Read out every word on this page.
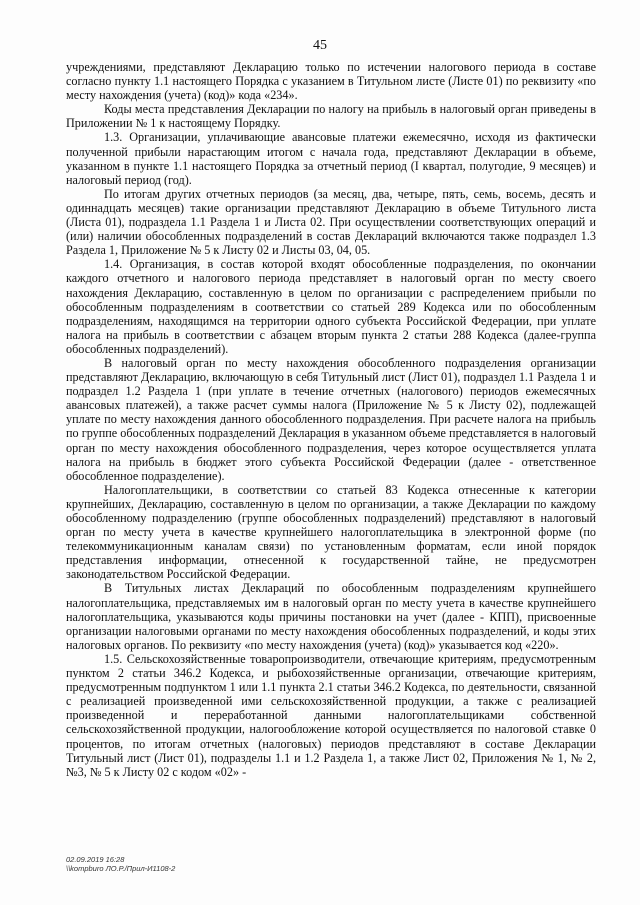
45

учреждениями, представляют Декларацию только по истечении налогового периода в составе согласно пункту 1.1 настоящего Порядка с указанием в Титульном листе (Листе 01) по реквизиту «по месту нахождения (учета) (код)» кода «234».

Коды места представления Декларации по налогу на прибыль в налоговый орган приведены в Приложении № 1 к настоящему Порядку.

1.3. Организации, уплачивающие авансовые платежи ежемесячно, исходя из фактически полученной прибыли нарастающим итогом с начала года, представляют Декларации в объеме, указанном в пункте 1.1 настоящего Порядка за отчетный период (I квартал, полугодие, 9 месяцев) и налоговый период (год).

По итогам других отчетных периодов (за месяц, два, четыре, пять, семь, восемь, десять и одиннадцать месяцев) такие организации представляют Декларацию в объеме Титульного листа (Листа 01), подраздела 1.1 Раздела 1 и Листа 02. При осуществлении соответствующих операций и (или) наличии обособленных подразделений в состав Деклараций включаются также подраздел 1.3 Раздела 1, Приложение № 5 к Листу 02 и Листы 03, 04, 05.

1.4. Организация, в состав которой входят обособленные подразделения, по окончании каждого отчетного и налогового периода представляет в налоговый орган по месту своего нахождения Декларацию, составленную в целом по организации с распределением прибыли по обособленным подразделениям в соответствии со статьей 289 Кодекса или по обособленным подразделениям, находящимся на территории одного субъекта Российской Федерации, при уплате налога на прибыль в соответствии с абзацем вторым пункта 2 статьи 288 Кодекса (далее-группа обособленных подразделений).

В налоговый орган по месту нахождения обособленного подразделения организации представляют Декларацию, включающую в себя Титульный лист (Лист 01), подраздел 1.1 Раздела 1 и подраздел 1.2 Раздела 1 (при уплате в течение отчетных (налогового) периодов ежемесячных авансовых платежей), а также расчет суммы налога (Приложение № 5 к Листу 02), подлежащей уплате по месту нахождения данного обособленного подразделения. При расчете налога на прибыль по группе обособленных подразделений Декларация в указанном объеме представляется в налоговый орган по месту нахождения обособленного подразделения, через которое осуществляется уплата налога на прибыль в бюджет этого субъекта Российской Федерации (далее - ответственное обособленное подразделение).

Налогоплательщики, в соответствии со статьей 83 Кодекса отнесенные к категории крупнейших, Декларацию, составленную в целом по организации, а также Декларации по каждому обособленному подразделению (группе обособленных подразделений) представляют в налоговый орган по месту учета в качестве крупнейшего налогоплательщика в электронной форме (по телекоммуникационным каналам связи) по установленным форматам, если иной порядок представления информации, отнесенной к государственной тайне, не предусмотрен законодательством Российской Федерации.

В Титульных листах Деклараций по обособленным подразделениям крупнейшего налогоплательщика, представляемых им в налоговый орган по месту учета в качестве крупнейшего налогоплательщика, указываются коды причины постановки на учет (далее - КПП), присвоенные организации налоговыми органами по месту нахождения обособленных подразделений, и коды этих налоговых органов. По реквизиту «по месту нахождения (учета) (код)» указывается код «220».

1.5. Сельскохозяйственные товаропроизводители, отвечающие критериям, предусмотренным пунктом 2 статьи 346.2 Кодекса, и рыбохозяйственные организации, отвечающие критериям, предусмотренным подпунктом 1 или 1.1 пункта 2.1 статьи 346.2 Кодекса, по деятельности, связанной с реализацией произведенной ими сельскохозяйственной продукции, а также с реализацией произведенной и переработанной данными налогоплательщиками собственной сельскохозяйственной продукции, налогообложение которой осуществляется по налоговой ставке 0 процентов, по итогам отчетных (налоговых) периодов представляют в составе Декларации Титульный лист (Лист 01), подразделы 1.1 и 1.2 Раздела 1, а также Лист 02, Приложения № 1, № 2, №3, № 5 к Листу 02 с кодом «02» -

02.09.2019 16:28
\\kompburo ЛО.Р./Прил-И1108-2
